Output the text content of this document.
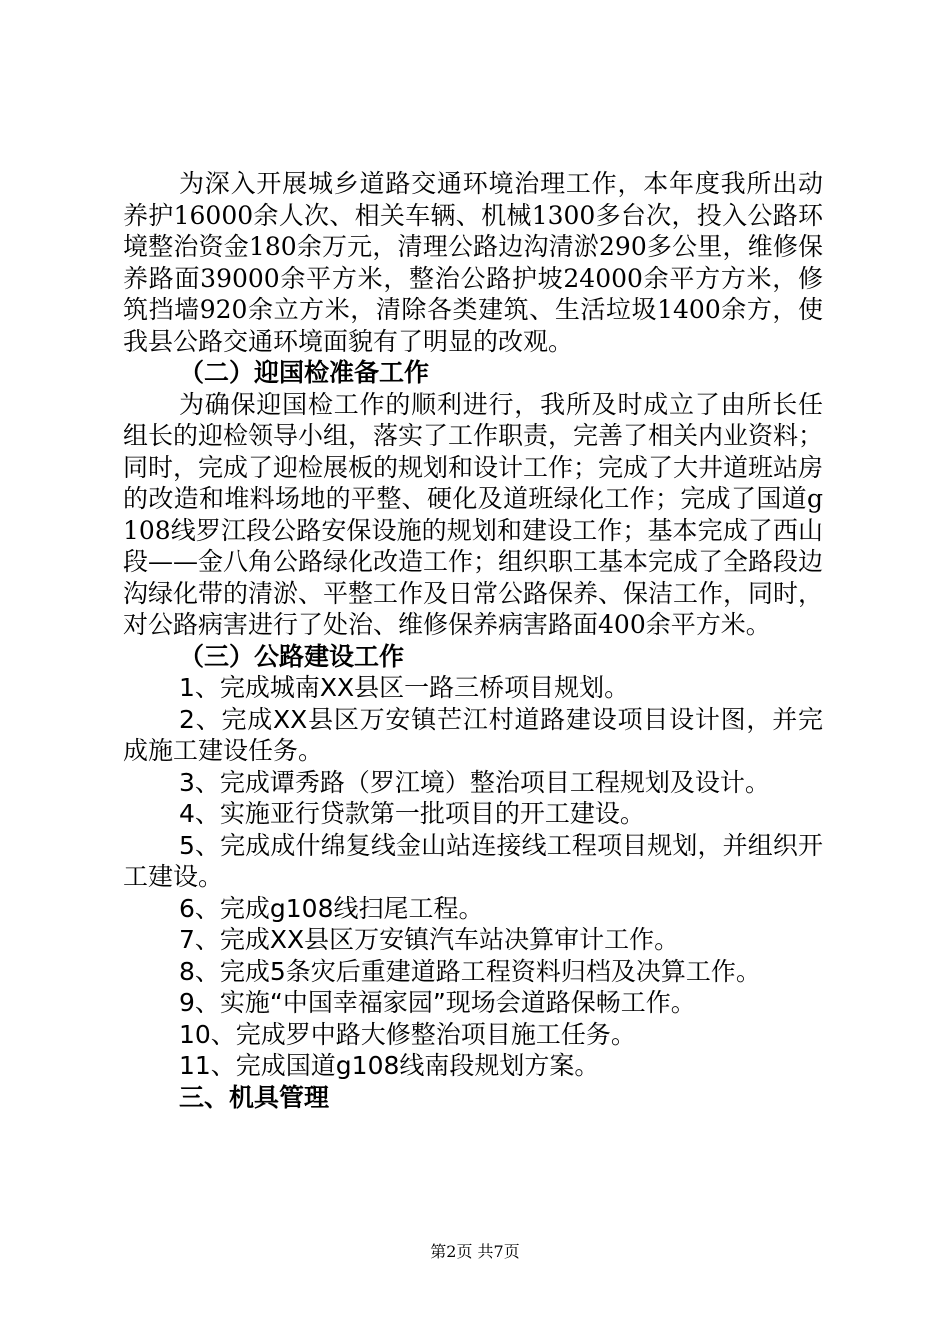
为深入开展城乡道路交通环境治理工作，本年度我所出动养护16000余人次、相关车辆、机械1300多台次，投入公路环境整治资金180余万元，清理公路边沟清淤290多公里，维修保养路面39000余平方米，整治公路护坡24000余平方方米，修筑挡墙920余立方米，清除各类建筑、生活垃圾1400余方，使我县公路交通环境面貌有了明显的改观。

（二）迎国检准备工作

为确保迎国检工作的顺利进行，我所及时成立了由所长任组长的迎检领导小组，落实了工作职责，完善了相关内业资料；同时，完成了迎检展板的规划和设计工作；完成了大井道班站房的改造和堆料场地的平整、硬化及道班绿化工作；完成了国道g108线罗江段公路安保设施的规划和建设工作；基本完成了西山段——金八角公路绿化改造工作；组织职工基本完成了全路段边沟绿化带的清淤、平整工作及日常公路保养、保洁工作，同时，对公路病害进行了处治、维修保养病害路面400余平方米。

（三）公路建设工作

1、完成城南XX县区一路三桥项目规划。

2、完成XX县区万安镇芒江村道路建设项目设计图，并完成施工建设任务。

3、完成谭秀路（罗江境）整治项目工程规划及设计。

4、实施亚行贷款第一批项目的开工建设。

5、完成成什绵复线金山站连接线工程项目规划，并组织开工建设。

6、完成g108线扫尾工程。

7、完成XX县区万安镇汽车站决算审计工作。

8、完成5条灾后重建道路工程资料归档及决算工作。

9、实施“中国幸福家园”现场会道路保畅工作。

10、完成罗中路大修整治项目施工任务。

11、完成国道g108线南段规划方案。

三、机具管理

第2页 共7页
